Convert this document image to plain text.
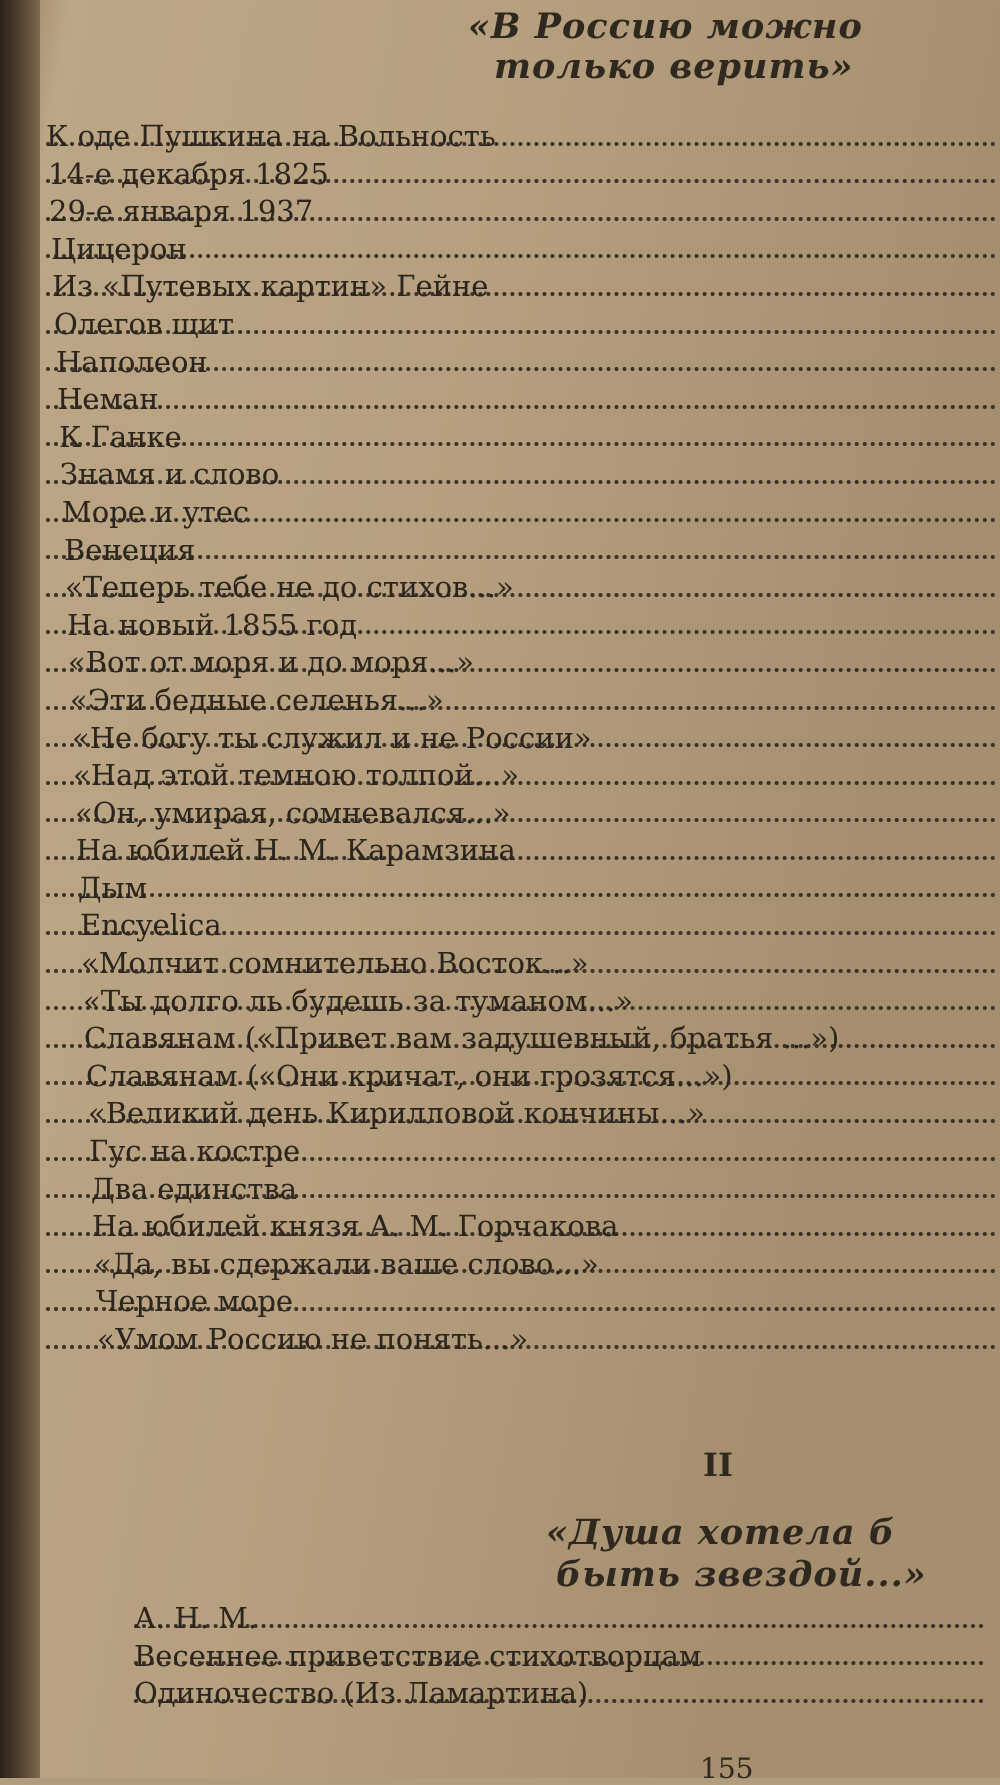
«В Россию можно
только верить»
К оде Пушкина на Вольность
14-е декабря 1825
29-е января 1937
Цицерон
Из «Путевых картин» Гейне
Олегов щит
Наполеон
Неман
К Ганке
Знамя и слово
Море и утес
Венеция
«Теперь тебе не до стихов...»
На новый 1855 год
«Вот от моря и до моря...»
«Эти бедные селенья...»
«Не богу ты служил и не России»
«Над этой темною толпой...»
«Он, умирая, сомневался...»
На юбилей Н. М. Карамзина
Дым
Encyelica
«Молчит сомнительно Восток...»
«Ты долго ль будешь за туманом...»
Славянам («Привет вам задушевный, братья ...»)
Славянам («Они кричат, они грозятся...»)
«Великий день Кирилловой кончины...»
Гус на костре
Два единства
На юбилей князя А. М. Горчакова
«Да, вы сдержали ваше слово...»
Черное море
«Умом Россию не понять...»
II
«Душа хотела б
быть звездой...»
А. Н. М.
Весеннее приветствие стихотворцам
Одиночество (Из Ламартина)
155
